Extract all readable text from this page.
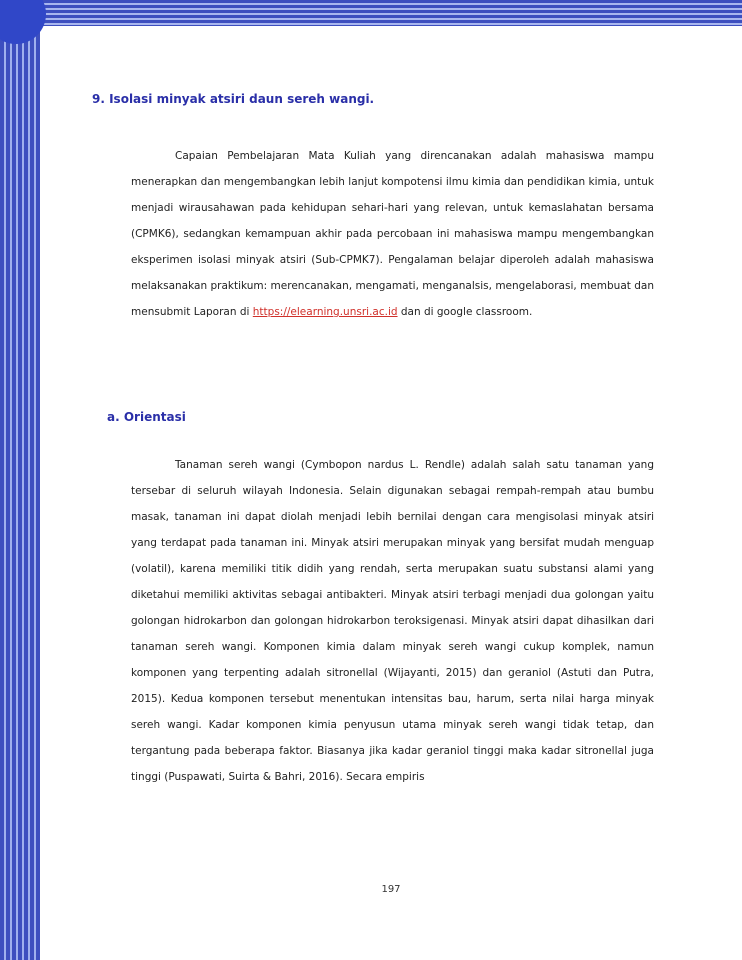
9. Isolasi minyak atsiri daun sereh wangi.

Capaian Pembelajaran Mata Kuliah yang direncanakan adalah mahasiswa mampu menerapkan dan mengembangkan lebih lanjut kompotensi ilmu kimia dan pendidikan kimia, untuk menjadi wirausahawan pada kehidupan sehari-hari yang relevan, untuk kemaslahatan bersama (CPMK6), sedangkan kemampuan akhir pada percobaan ini mahasiswa mampu mengembangkan eksperimen isolasi minyak atsiri (Sub-CPMK7). Pengalaman belajar diperoleh adalah mahasiswa melaksanakan praktikum: merencanakan, mengamati, menganalsis, mengelaborasi, membuat dan mensubmit Laporan di https://elearning.unsri.ac.id dan di google classroom.

a. Orientasi

Tanaman sereh wangi (Cymbopon nardus L. Rendle) adalah salah satu tanaman yang tersebar di seluruh wilayah Indonesia. Selain digunakan sebagai rempah-rempah atau bumbu masak, tanaman ini dapat diolah menjadi lebih bernilai dengan cara mengisolasi minyak atsiri yang terdapat pada tanaman ini. Minyak atsiri merupakan minyak yang bersifat mudah menguap (volatil), karena memiliki titik didih yang rendah, serta merupakan suatu substansi alami yang diketahui memiliki aktivitas sebagai antibakteri. Minyak atsiri terbagi menjadi dua golongan yaitu golongan hidrokarbon dan golongan hidrokarbon teroksigenasi. Minyak atsiri dapat dihasilkan dari tanaman sereh wangi. Komponen kimia dalam minyak sereh wangi cukup komplek, namun komponen yang terpenting adalah sitronellal (Wijayanti, 2015) dan geraniol (Astuti dan Putra, 2015). Kedua komponen tersebut menentukan intensitas bau, harum, serta nilai harga minyak sereh wangi. Kadar komponen kimia penyusun utama minyak sereh wangi tidak tetap, dan tergantung pada beberapa faktor. Biasanya jika kadar geraniol tinggi maka kadar sitronellal juga tinggi (Puspawati, Suirta & Bahri, 2016). Secara empiris

197
